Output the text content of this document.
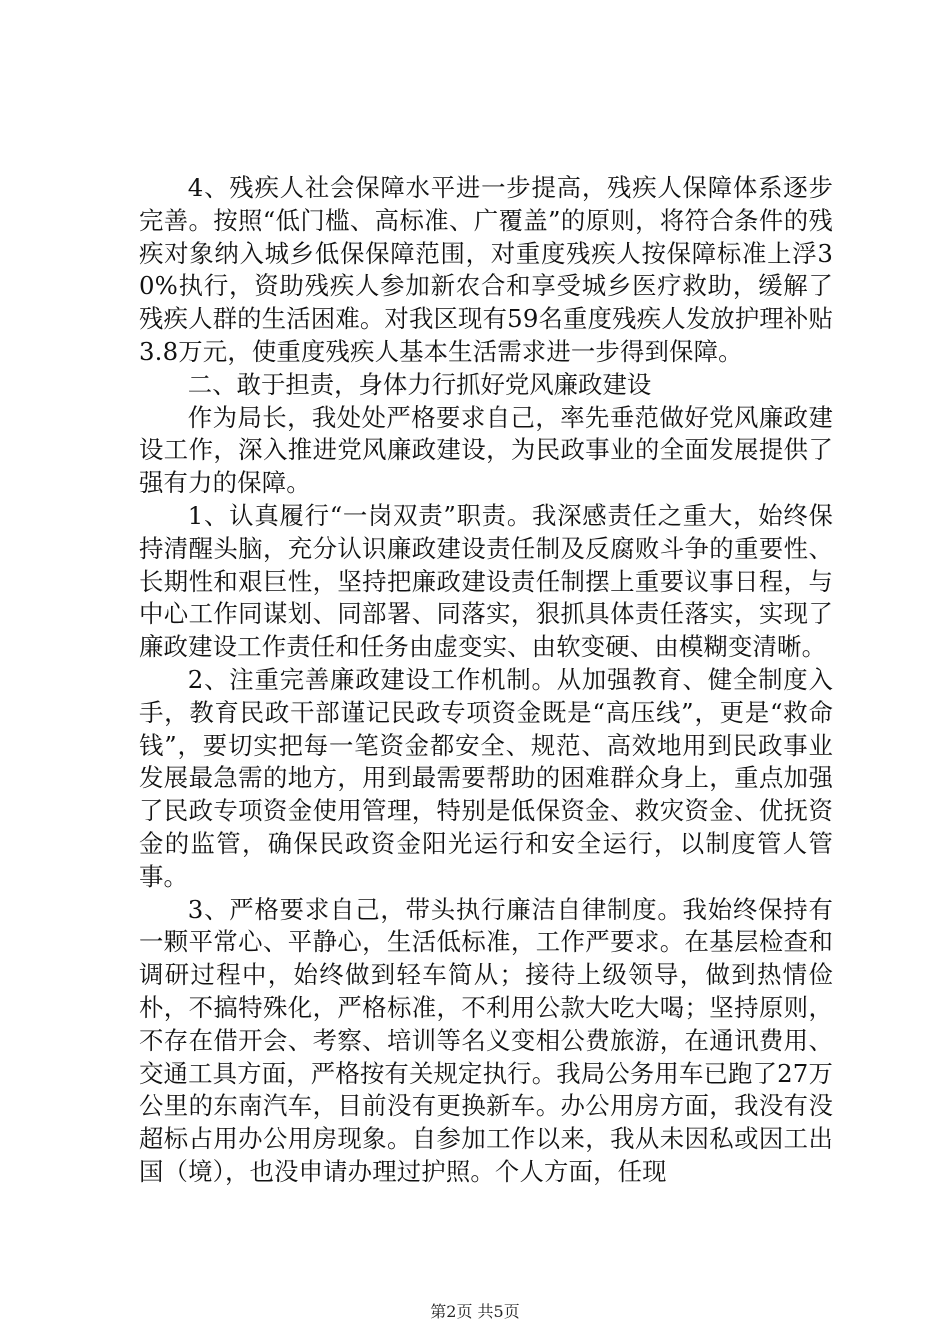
4、残疾人社会保障水平进一步提高，残疾人保障体系逐步完善。按照“低门槛、高标准、广覆盖”的原则，将符合条件的残疾对象纳入城乡低保保障范围，对重度残疾人按保障标准上浮30%执行，资助残疾人参加新农合和享受城乡医疗救助，缓解了残疾人群的生活困难。对我区现有59名重度残疾人发放护理补贴3.8万元，使重度残疾人基本生活需求进一步得到保障。

二、敢于担责，身体力行抓好党风廉政建设

作为局长，我处处严格要求自己，率先垂范做好党风廉政建设工作，深入推进党风廉政建设，为民政事业的全面发展提供了强有力的保障。

1、认真履行“一岗双责”职责。我深感责任之重大，始终保持清醒头脑，充分认识廉政建设责任制及反腐败斗争的重要性、长期性和艰巨性，坚持把廉政建设责任制摆上重要议事日程，与中心工作同谋划、同部署、同落实，狠抓具体责任落实，实现了廉政建设工作责任和任务由虚变实、由软变硬、由模糊变清晰。

2、注重完善廉政建设工作机制。从加强教育、健全制度入手，教育民政干部谨记民政专项资金既是“高压线”，更是“救命钱”，要切实把每一笔资金都安全、规范、高效地用到民政事业发展最急需的地方，用到最需要帮助的困难群众身上，重点加强了民政专项资金使用管理，特别是低保资金、救灾资金、优抚资金的监管，确保民政资金阳光运行和安全运行，以制度管人管事。

3、严格要求自己，带头执行廉洁自律制度。我始终保持有一颗平常心、平静心，生活低标准，工作严要求。在基层检查和调研过程中，始终做到轻车简从；接待上级领导，做到热情俭朴，不搞特殊化，严格标准，不利用公款大吃大喝；坚持原则，不存在借开会、考察、培训等名义变相公费旅游，在通讯费用、交通工具方面，严格按有关规定执行。我局公务用车已跑了27万公里的东南汽车，目前没有更换新车。办公用房方面，我没有没超标占用办公用房现象。自参加工作以来，我从未因私或因工出国（境），也没申请办理过护照。个人方面，任现

第2页 共5页
